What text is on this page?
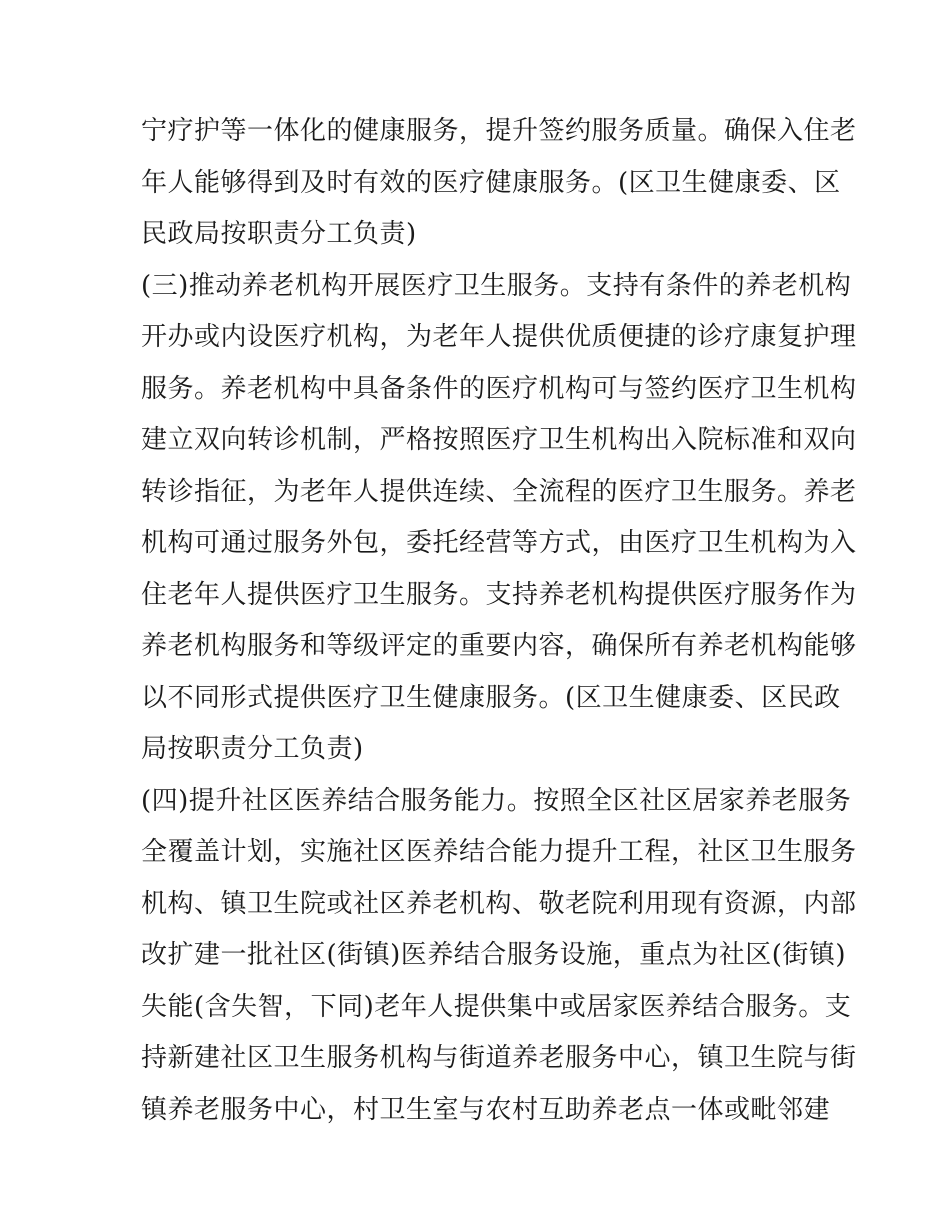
宁疗护等一体化的健康服务，提升签约服务质量。确保入住老
年人能够得到及时有效的医疗健康服务。(区卫生健康委、区
民政局按职责分工负责)
(三)推动养老机构开展医疗卫生服务。支持有条件的养老机构
开办或内设医疗机构，为老年人提供优质便捷的诊疗康复护理
服务。养老机构中具备条件的医疗机构可与签约医疗卫生机构
建立双向转诊机制，严格按照医疗卫生机构出入院标准和双向
转诊指征，为老年人提供连续、全流程的医疗卫生服务。养老
机构可通过服务外包，委托经营等方式，由医疗卫生机构为入
住老年人提供医疗卫生服务。支持养老机构提供医疗服务作为
养老机构服务和等级评定的重要内容，确保所有养老机构能够
以不同形式提供医疗卫生健康服务。(区卫生健康委、区民政
局按职责分工负责)
(四)提升社区医养结合服务能力。按照全区社区居家养老服务
全覆盖计划，实施社区医养结合能力提升工程，社区卫生服务
机构、镇卫生院或社区养老机构、敬老院利用现有资源，内部
改扩建一批社区(街镇)医养结合服务设施，重点为社区(街镇)
失能(含失智，下同)老年人提供集中或居家医养结合服务。支
持新建社区卫生服务机构与街道养老服务中心，镇卫生院与街
镇养老服务中心，村卫生室与农村互助养老点一体或毗邻建
